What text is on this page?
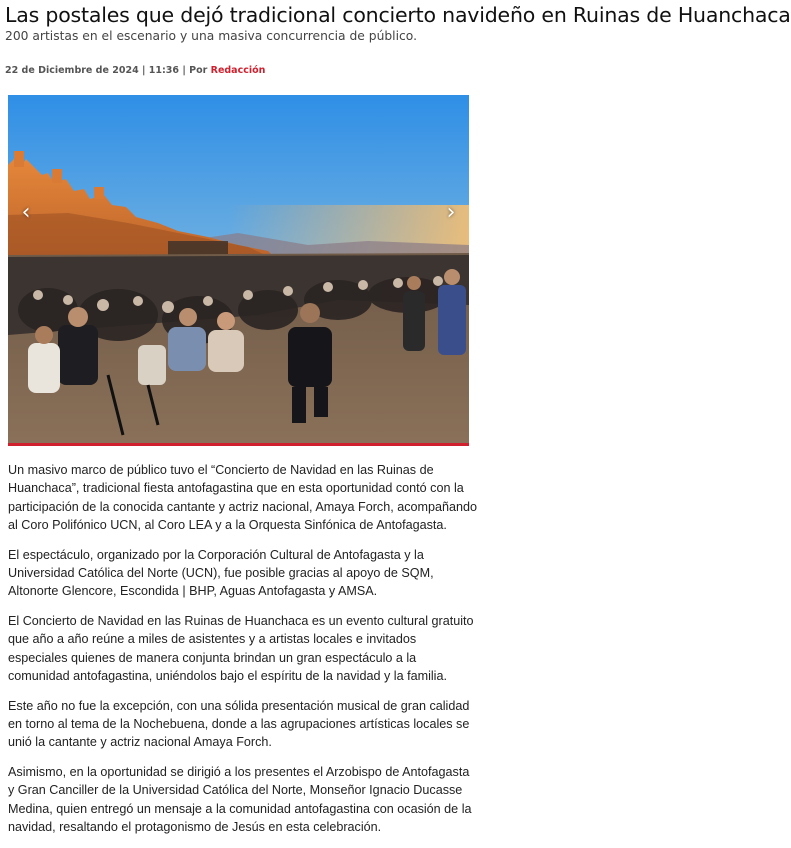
Las postales que dejó tradicional concierto navideño en Ruinas de Huanchaca
200 artistas en el escenario y una masiva concurrencia de público.
22 de Diciembre de 2024 | 11:36 | Por Redacción
‹	›

Un masivo marco de público tuvo el “Concierto de Navidad en las Ruinas de Huanchaca”, tradicional fiesta antofagastina que en esta oportunidad contó con la participación de la conocida cantante y actriz nacional, Amaya Forch, acompañando al Coro Polifónico UCN, al Coro LEA y a la Orquesta Sinfónica de Antofagasta.

El espectáculo, organizado por la Corporación Cultural de Antofagasta y la Universidad Católica del Norte (UCN), fue posible gracias al apoyo de SQM, Altonorte Glencore, Escondida | BHP, Aguas Antofagasta y AMSA.

El Concierto de Navidad en las Ruinas de Huanchaca es un evento cultural gratuito que año a año reúne a miles de asistentes y a artistas locales e invitados especiales quienes de manera conjunta brindan un gran espectáculo a la comunidad antofagastina, uniéndolos bajo el espíritu de la navidad y la familia.

Este año no fue la excepción, con una sólida presentación musical de gran calidad en torno al tema de la Nochebuena, donde a las agrupaciones artísticas locales se unió la cantante y actriz nacional Amaya Forch.

Asimismo, en la oportunidad se dirigió a los presentes el Arzobispo de Antofagasta y Gran Canciller de la Universidad Católica del Norte, Monseñor Ignacio Ducasse Medina, quien entregó un mensaje a la comunidad antofagastina con ocasión de la navidad, resaltando el protagonismo de Jesús en esta celebración.
